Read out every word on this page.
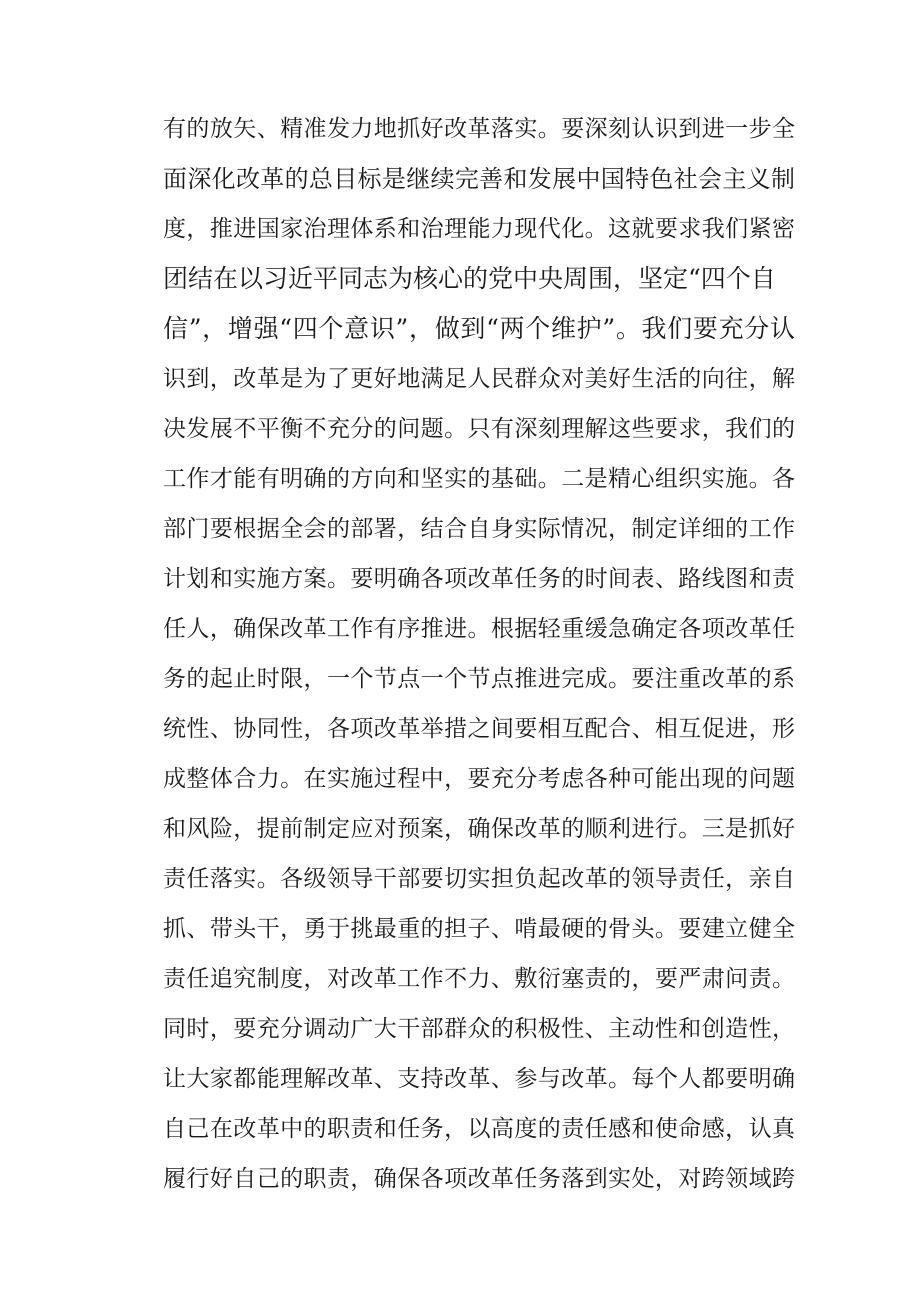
有的放矢、精准发力地抓好改革落实。要深刻认识到进一步全
面深化改革的总目标是继续完善和发展中国特色社会主义制
度，推进国家治理体系和治理能力现代化。这就要求我们紧密
团结在以习近平同志为核心的党中央周围，坚定“四个自
信”，增强“四个意识”，做到“两个维护”。我们要充分认
识到，改革是为了更好地满足人民群众对美好生活的向往，解
决发展不平衡不充分的问题。只有深刻理解这些要求，我们的
工作才能有明确的方向和坚实的基础。二是精心组织实施。各
部门要根据全会的部署，结合自身实际情况，制定详细的工作
计划和实施方案。要明确各项改革任务的时间表、路线图和责
任人，确保改革工作有序推进。根据轻重缓急确定各项改革任
务的起止时限，一个节点一个节点推进完成。要注重改革的系
统性、协同性，各项改革举措之间要相互配合、相互促进，形
成整体合力。在实施过程中，要充分考虑各种可能出现的问题
和风险，提前制定应对预案，确保改革的顺利进行。三是抓好
责任落实。各级领导干部要切实担负起改革的领导责任，亲自
抓、带头干，勇于挑最重的担子、啃最硬的骨头。要建立健全
责任追究制度，对改革工作不力、敷衍塞责的，要严肃问责。
同时，要充分调动广大干部群众的积极性、主动性和创造性，
让大家都能理解改革、支持改革、参与改革。每个人都要明确
自己在改革中的职责和任务，以高度的责任感和使命感，认真
履行好自己的职责，确保各项改革任务落到实处，对跨领域跨
